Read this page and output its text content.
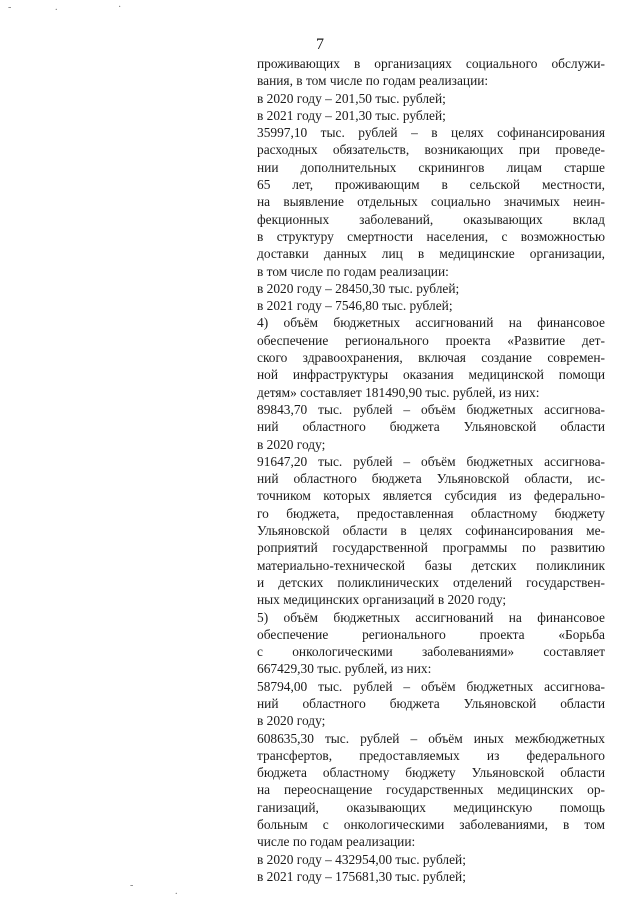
-	.	·
-
.
7
проживающих в организациях социального обслужи-
вания, в том числе по годам реализации:
в 2020 году – 201,50 тыс. рублей;
в 2021 году – 201,30 тыс. рублей;
35997,10 тыс. рублей – в целях софинансирования
расходных обязательств, возникающих при проведе-
нии дополнительных скринингов лицам старше
65 лет, проживающим в сельской местности,
на выявление отдельных социально значимых неин-
фекционных заболеваний, оказывающих вклад
в структуру смертности населения, с возможностью
доставки данных лиц в медицинские организации,
в том числе по годам реализации:
в 2020 году – 28450,30 тыс. рублей;
в 2021 году – 7546,80 тыс. рублей;
4) объём бюджетных ассигнований на финансовое
обеспечение регионального проекта «Развитие дет-
ского здравоохранения, включая создание современ-
ной инфраструктуры оказания медицинской помощи
детям» составляет 181490,90 тыс. рублей, из них:
89843,70 тыс. рублей – объём бюджетных ассигнова-
ний областного бюджета Ульяновской области
в 2020 году;
91647,20 тыс. рублей – объём бюджетных ассигнова-
ний областного бюджета Ульяновской области, ис-
точником которых является субсидия из федерально-
го бюджета, предоставленная областному бюджету
Ульяновской области в целях софинансирования ме-
роприятий государственной программы по развитию
материально-технической базы детских поликлиник
и детских поликлинических отделений государствен-
ных медицинских организаций в 2020 году;
5) объём бюджетных ассигнований на финансовое
обеспечение регионального проекта «Борьба
с онкологическими заболеваниями» составляет
667429,30 тыс. рублей, из них:
58794,00 тыс. рублей – объём бюджетных ассигнова-
ний областного бюджета Ульяновской области
в 2020 году;
608635,30 тыс. рублей – объём иных межбюджетных
трансфертов, предоставляемых из федерального
бюджета областному бюджету Ульяновской области
на переоснащение государственных медицинских ор-
ганизаций, оказывающих медицинскую помощь
больным с онкологическими заболеваниями, в том
числе по годам реализации:
в 2020 году – 432954,00 тыс. рублей;
в 2021 году – 175681,30 тыс. рублей;
